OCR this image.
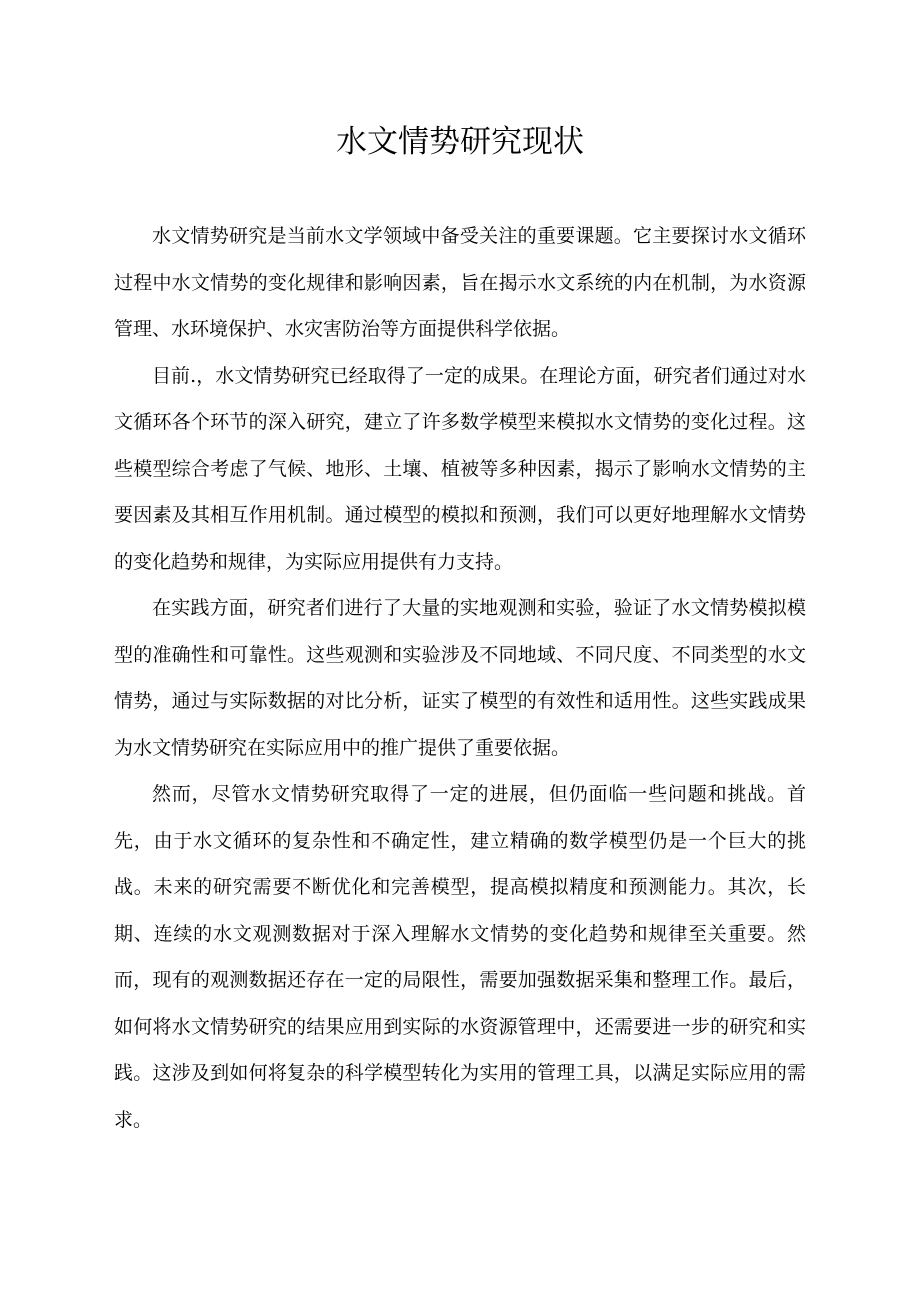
水文情势研究现状

水文情势研究是当前水文学领域中备受关注的重要课题。它主要探讨水文循环过程中水文情势的变化规律和影响因素，旨在揭示水文系统的内在机制，为水资源管理、水环境保护、水灾害防治等方面提供科学依据。

目前.，水文情势研究已经取得了一定的成果。在理论方面，研究者们通过对水文循环各个环节的深入研究，建立了许多数学模型来模拟水文情势的变化过程。这些模型综合考虑了气候、地形、土壤、植被等多种因素，揭示了影响水文情势的主要因素及其相互作用机制。通过模型的模拟和预测，我们可以更好地理解水文情势的变化趋势和规律，为实际应用提供有力支持。

在实践方面，研究者们进行了大量的实地观测和实验，验证了水文情势模拟模型的准确性和可靠性。这些观测和实验涉及不同地域、不同尺度、不同类型的水文情势，通过与实际数据的对比分析，证实了模型的有效性和适用性。这些实践成果为水文情势研究在实际应用中的推广提供了重要依据。

然而，尽管水文情势研究取得了一定的进展，但仍面临一些问题和挑战。首先，由于水文循环的复杂性和不确定性，建立精确的数学模型仍是一个巨大的挑战。未来的研究需要不断优化和完善模型，提高模拟精度和预测能力。其次，长期、连续的水文观测数据对于深入理解水文情势的变化趋势和规律至关重要。然而，现有的观测数据还存在一定的局限性，需要加强数据采集和整理工作。最后，如何将水文情势研究的结果应用到实际的水资源管理中，还需要进一步的研究和实践。这涉及到如何将复杂的科学模型转化为实用的管理工具，以满足实际应用的需求。
